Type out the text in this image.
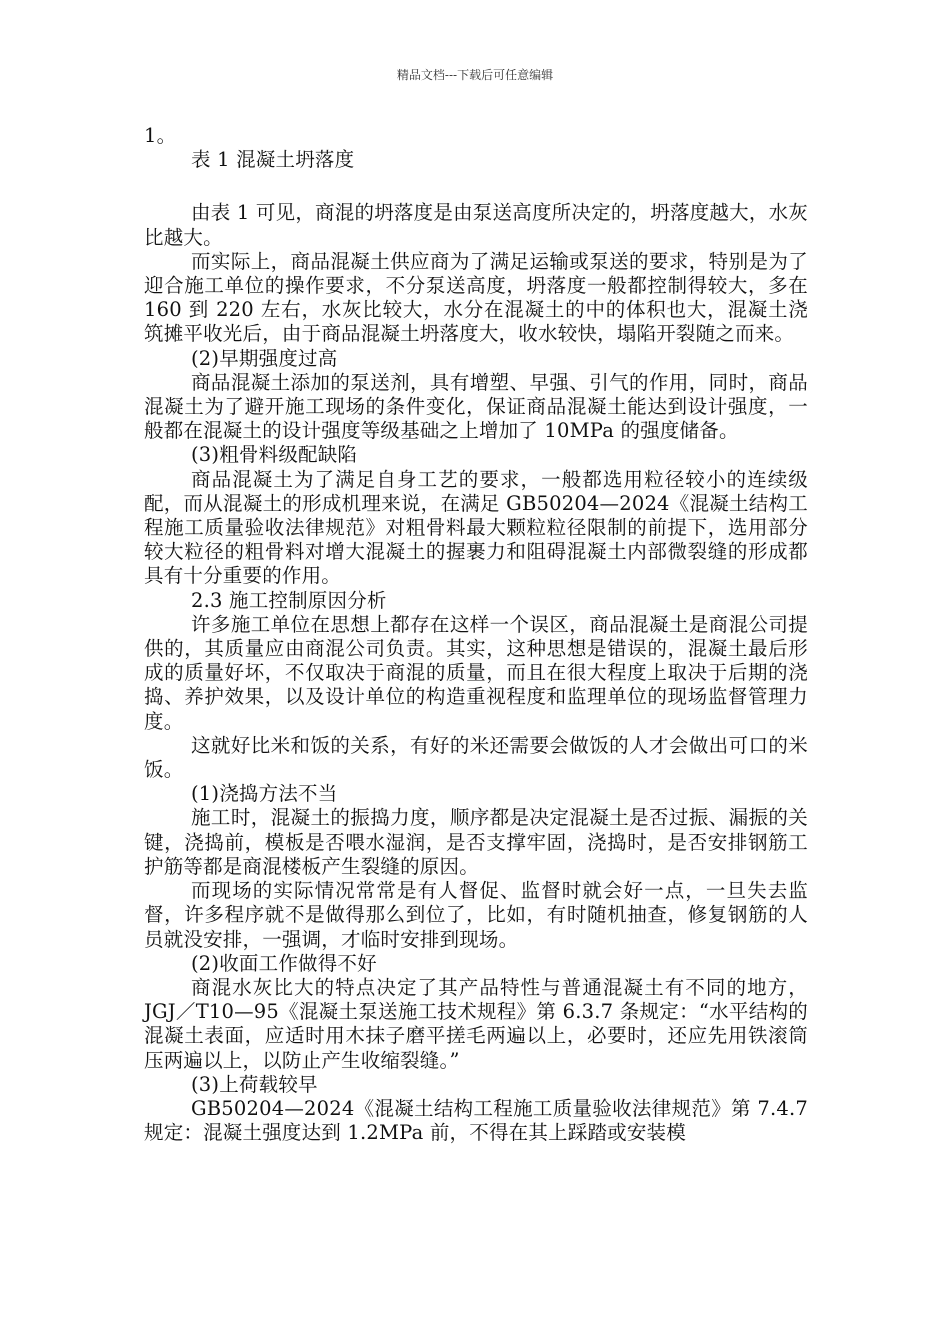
精品文档---下载后可任意编辑

1。

表 1 混凝土坍落度

由表 1 可见，商混的坍落度是由泵送高度所决定的，坍落度越大，水灰比越大。

而实际上，商品混凝土供应商为了满足运输或泵送的要求，特别是为了迎合施工单位的操作要求，不分泵送高度，坍落度一般都控制得较大，多在 160 到 220 左右，水灰比较大，水分在混凝土的中的体积也大，混凝土浇筑摊平收光后，由于商品混凝土坍落度大，收水较快，塌陷开裂随之而来。

(2)早期强度过高

商品混凝土添加的泵送剂，具有增塑、早强、引气的作用，同时，商品混凝土为了避开施工现场的条件变化，保证商品混凝土能达到设计强度，一般都在混凝土的设计强度等级基础之上增加了 10MPa 的强度储备。

(3)粗骨料级配缺陷

商品混凝土为了满足自身工艺的要求，一般都选用粒径较小的连续级配，而从混凝土的形成机理来说，在满足 GB50204—2024《混凝土结构工程施工质量验收法律规范》对粗骨料最大颗粒粒径限制的前提下，选用部分较大粒径的粗骨料对增大混凝土的握裹力和阻碍混凝土内部微裂缝的形成都具有十分重要的作用。

2.3 施工控制原因分析

许多施工单位在思想上都存在这样一个误区，商品混凝土是商混公司提供的，其质量应由商混公司负责。其实，这种思想是错误的，混凝土最后形成的质量好坏，不仅取决于商混的质量，而且在很大程度上取决于后期的浇捣、养护效果，以及设计单位的构造重视程度和监理单位的现场监督管理力度。

这就好比米和饭的关系，有好的米还需要会做饭的人才会做出可口的米饭。

(1)浇捣方法不当

施工时，混凝土的振捣力度，顺序都是决定混凝土是否过振、漏振的关键，浇捣前，模板是否喂水湿润，是否支撑牢固，浇捣时，是否安排钢筋工护筋等都是商混楼板产生裂缝的原因。

而现场的实际情况常常是有人督促、监督时就会好一点，一旦失去监督，许多程序就不是做得那么到位了，比如，有时随机抽查，修复钢筋的人员就没安排，一强调，才临时安排到现场。

(2)收面工作做得不好

商混水灰比大的特点决定了其产品特性与普通混凝土有不同的地方，JGJ／T10—95《混凝土泵送施工技术规程》第 6.3.7 条规定：“水平结构的混凝土表面，应适时用木抹子磨平搓毛两遍以上，必要时，还应先用铁滚筒压两遍以上，以防止产生收缩裂缝。”

(3)上荷载较早

GB50204—2024《混凝土结构工程施工质量验收法律规范》第 7.4.7 规定：混凝土强度达到 1.2MPa 前，不得在其上踩踏或安装模
